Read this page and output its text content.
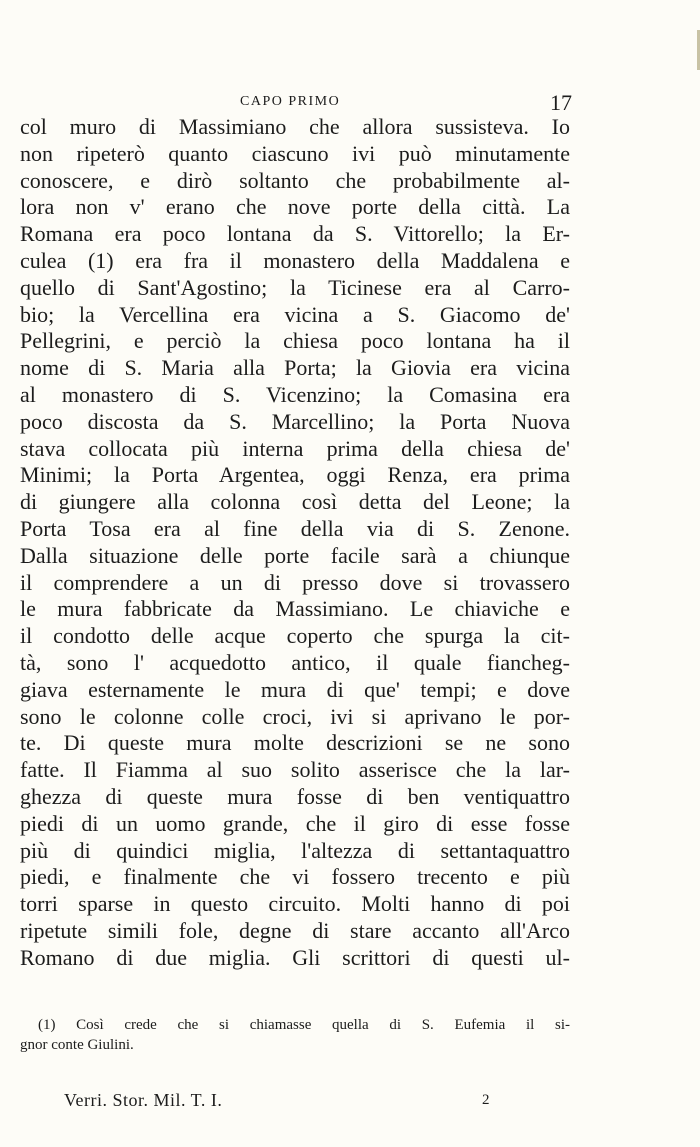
CAPO PRIMO	17
col muro di Massimiano che allora sussisteva. Io
non ripeterò quanto ciascuno ivi può minutamente
conoscere, e dirò soltanto che probabilmente al-
lora non v' erano che nove porte della città. La
Romana era poco lontana da S. Vittorello; la Er-
culea (1) era fra il monastero della Maddalena e
quello di Sant'Agostino; la Ticinese era al Carro-
bio; la Vercellina era vicina a S. Giacomo de'
Pellegrini, e perciò la chiesa poco lontana ha il
nome di S. Maria alla Porta; la Giovia era vicina
al monastero di S. Vicenzino; la Comasina era
poco discosta da S. Marcellino; la Porta Nuova
stava collocata più interna prima della chiesa de'
Minimi; la Porta Argentea, oggi Renza, era prima
di giungere alla colonna così detta del Leone; la
Porta Tosa era al fine della via di S. Zenone.
Dalla situazione delle porte facile sarà a chiunque
il comprendere a un di presso dove si trovassero
le mura fabbricate da Massimiano. Le chiaviche e
il condotto delle acque coperto che spurga la cit-
tà, sono l' acquedotto antico, il quale fiancheg-
giava esternamente le mura di que' tempi; e dove
sono le colonne colle croci, ivi si aprivano le por-
te. Di queste mura molte descrizioni se ne sono
fatte. Il Fiamma al suo solito asserisce che la lar-
ghezza di queste mura fosse di ben ventiquattro
piedi di un uomo grande, che il giro di esse fosse
più di quindici miglia, l'altezza di settantaquattro
piedi, e finalmente che vi fossero trecento e più
torri sparse in questo circuito. Molti hanno di poi
ripetute simili fole, degne di stare accanto all'Arco
Romano di due miglia. Gli scrittori di questi ul-
(1) Così crede che si chiamasse quella di S. Eufemia il si-
gnor conte Giulini.
Verri. Stor. Mil. T. I.	2
